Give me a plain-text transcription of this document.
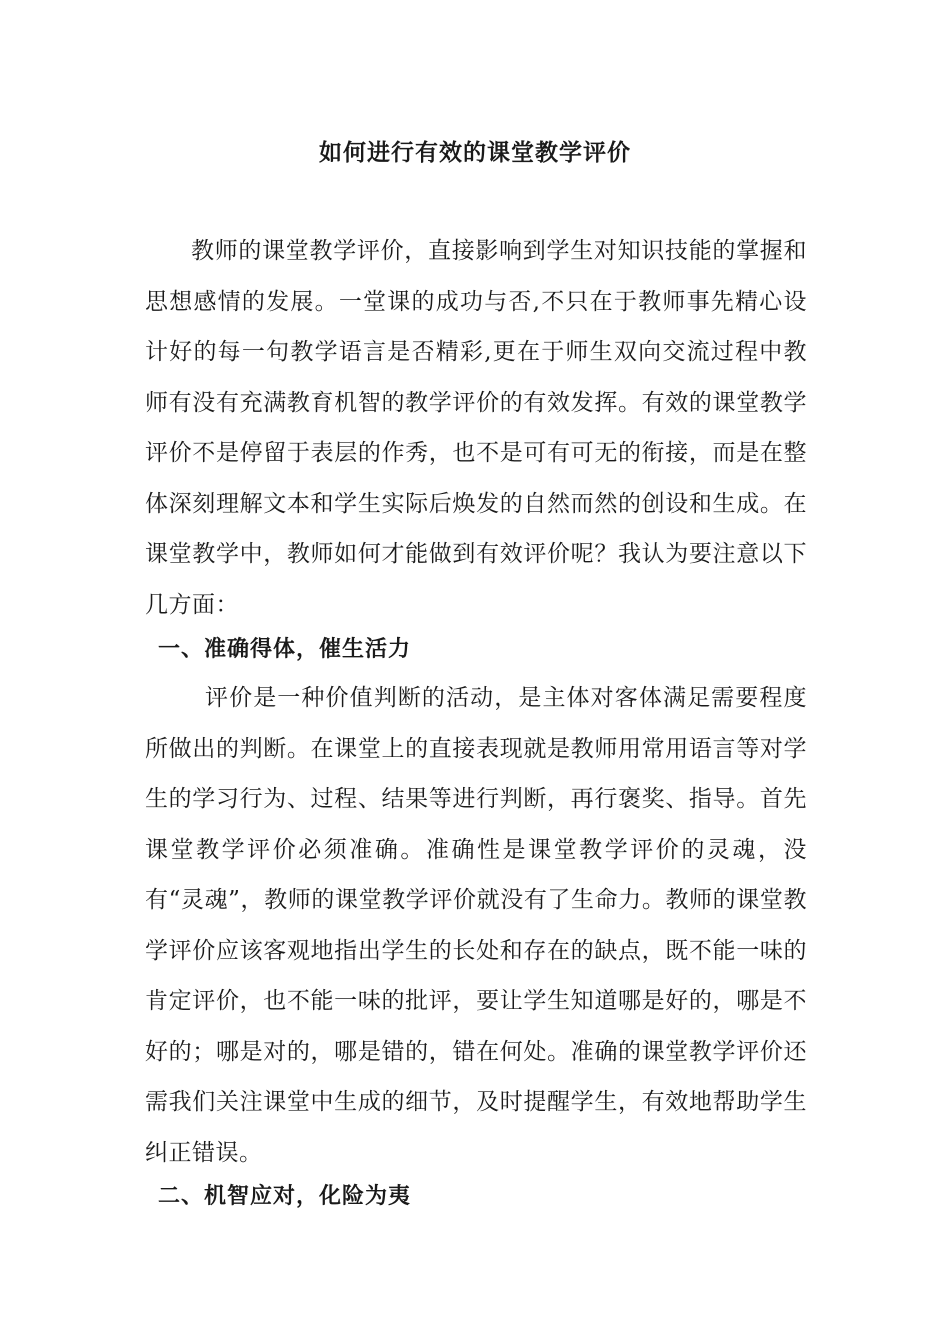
如何进行有效的课堂教学评价

教师的课堂教学评价，直接影响到学生对知识技能的掌握和思想感情的发展。一堂课的成功与否,不只在于教师事先精心设计好的每一句教学语言是否精彩,更在于师生双向交流过程中教师有没有充满教育机智的教学评价的有效发挥。有效的课堂教学评价不是停留于表层的作秀，也不是可有可无的衔接，而是在整体深刻理解文本和学生实际后焕发的自然而然的创设和生成。在课堂教学中，教师如何才能做到有效评价呢？我认为要注意以下几方面：

一、准确得体，催生活力

评价是一种价值判断的活动，是主体对客体满足需要程度所做出的判断。在课堂上的直接表现就是教师用常用语言等对学生的学习行为、过程、结果等进行判断，再行褒奖、指导。首先课堂教学评价必须准确。准确性是课堂教学评价的灵魂，没有“灵魂”，教师的课堂教学评价就没有了生命力。教师的课堂教学评价应该客观地指出学生的长处和存在的缺点，既不能一味的肯定评价，也不能一味的批评，要让学生知道哪是好的，哪是不好的；哪是对的，哪是错的，错在何处。准确的课堂教学评价还需我们关注课堂中生成的细节，及时提醒学生，有效地帮助学生纠正错误。

二、机智应对，化险为夷
